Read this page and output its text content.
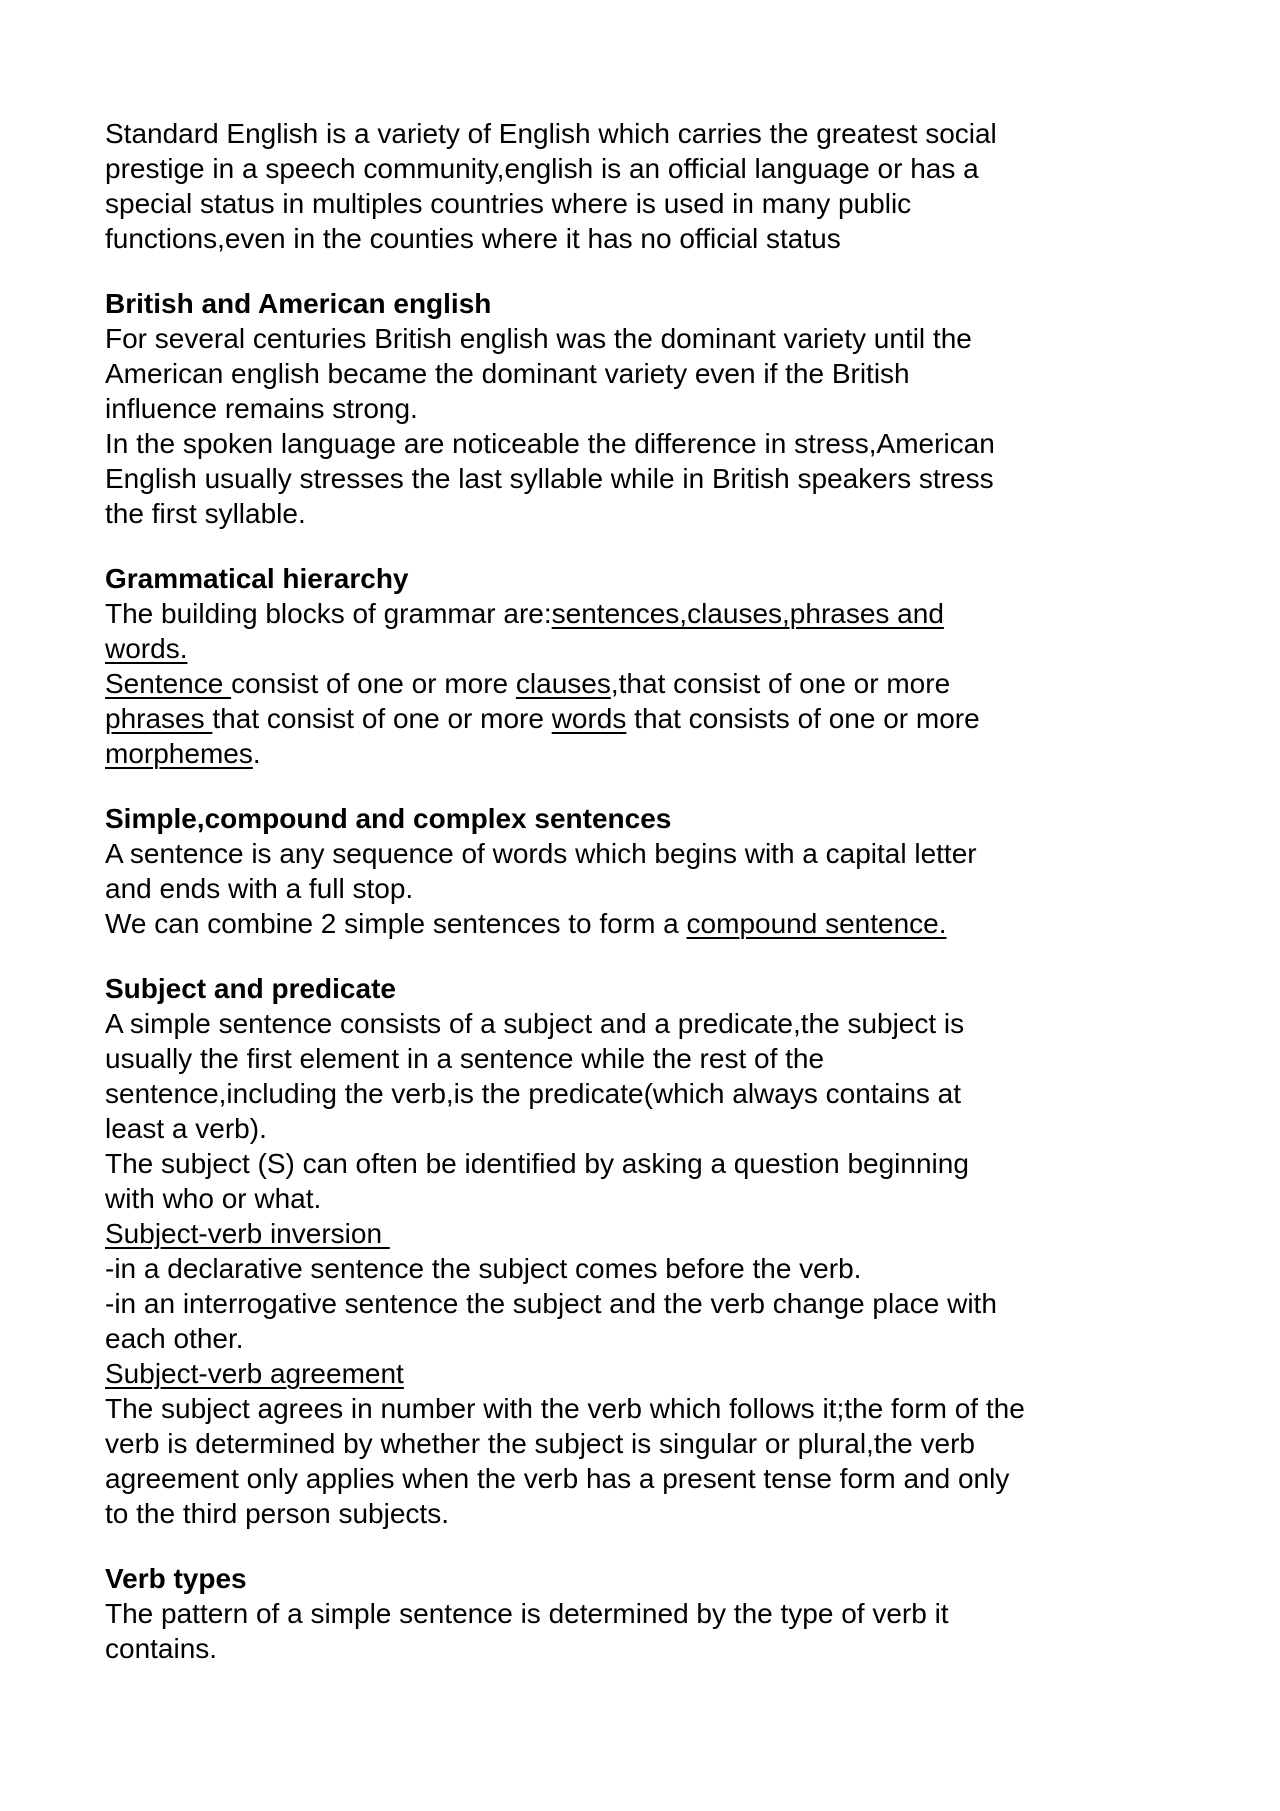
Standard English is a variety of English which carries the greatest social
prestige in a speech community,english is an official language or has a
special status in multiples countries where is used in many public
functions,even in the counties where it has no official status
British and American english
For several centuries British english was the dominant variety until the
American english became the dominant variety even if the British
influence remains strong.
In the spoken language are noticeable the difference in stress,American
English usually stresses the last syllable while in British speakers stress
the first syllable.
Grammatical hierarchy
The building blocks of grammar are:sentences,clauses,phrases and
words.
Sentence consist of one or more clauses,that consist of one or more
phrases that consist of one or more words that consists of one or more
morphemes.
Simple,compound and complex sentences
A sentence is any sequence of words which begins with a capital letter
and ends with a full stop.
We can combine 2 simple sentences to form a compound sentence.
Subject and predicate
A simple sentence consists of a subject and a predicate,the subject is
usually the first element in a sentence while the rest of the
sentence,including the verb,is the predicate(which always contains at
least a verb).
The subject (S) can often be identified by asking a question beginning
with who or what.
Subject-verb inversion
-in a declarative sentence the subject comes before the verb.
-in an interrogative sentence the subject and the verb change place with
each other.
Subject-verb agreement
The subject agrees in number with the verb which follows it;the form of the
verb is determined by whether the subject is singular or plural,the verb
agreement only applies when the verb has a present tense form and only
to the third person subjects.
Verb types
The pattern of a simple sentence is determined by the type of verb it
contains.
